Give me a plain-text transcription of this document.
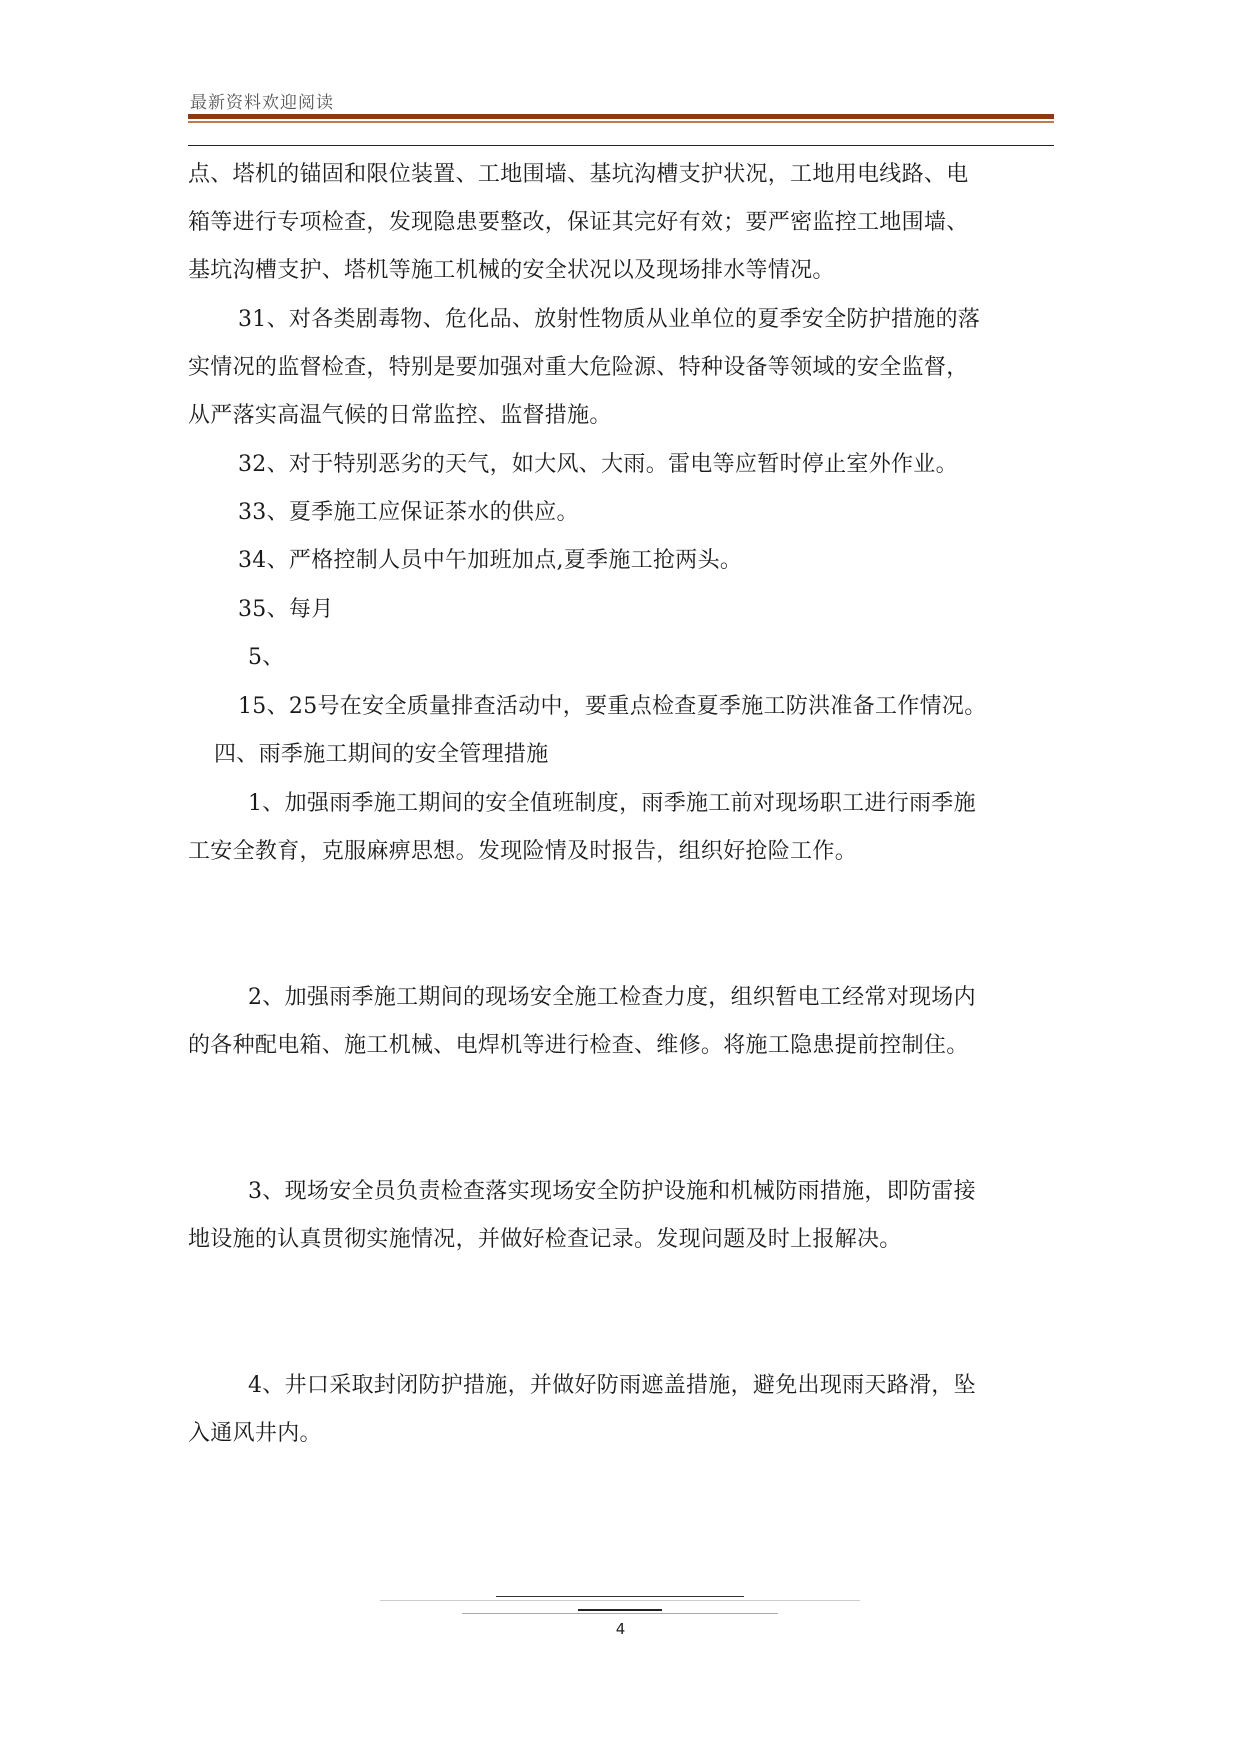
最新资料欢迎阅读
点、塔机的锚固和限位装置、工地围墙、基坑沟槽支护状况，工地用电线路、电
箱等进行专项检查，发现隐患要整改，保证其完好有效；要严密监控工地围墙、
基坑沟槽支护、塔机等施工机械的安全状况以及现场排水等情况。
31、对各类剧毒物、危化品、放射性物质从业单位的夏季安全防护措施的落
实情况的监督检查，特别是要加强对重大危险源、特种设备等领域的安全监督，
从严落实高温气候的日常监控、监督措施。
32、对于特别恶劣的天气，如大风、大雨。雷电等应暂时停止室外作业。
33、夏季施工应保证茶水的供应。
34、严格控制人员中午加班加点,夏季施工抢两头。
35、每月
5、
15、25号在安全质量排查活动中，要重点检查夏季施工防洪准备工作情况。
四、雨季施工期间的安全管理措施
1、加强雨季施工期间的安全值班制度，雨季施工前对现场职工进行雨季施
工安全教育，克服麻痹思想。发现险情及时报告，组织好抢险工作。
2、加强雨季施工期间的现场安全施工检查力度，组织暂电工经常对现场内
的各种配电箱、施工机械、电焊机等进行检查、维修。将施工隐患提前控制住。
3、现场安全员负责检查落实现场安全防护设施和机械防雨措施，即防雷接
地设施的认真贯彻实施情况，并做好检查记录。发现问题及时上报解决。
4、井口采取封闭防护措施，并做好防雨遮盖措施，避免出现雨天路滑，坠
入通风井内。
4
